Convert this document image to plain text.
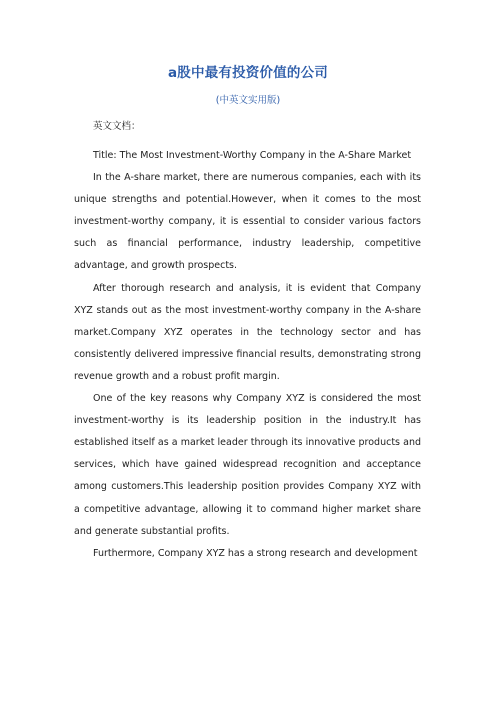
a股中最有投资价值的公司
(中英文实用版)
英文文档：

Title: The Most Investment-Worthy Company in the A-Share Market

In the A-share market, there are numerous companies, each with its unique strengths and potential.However, when it comes to the most investment-worthy company, it is essential to consider various factors such as financial performance, industry leadership, competitive advantage, and growth prospects.

After thorough research and analysis, it is evident that Company XYZ stands out as the most investment-worthy company in the A-share market.Company XYZ operates in the technology sector and has consistently delivered impressive financial results, demonstrating strong revenue growth and a robust profit margin.

One of the key reasons why Company XYZ is considered the most investment-worthy is its leadership position in the industry.It has established itself as a market leader through its innovative products and services, which have gained widespread recognition and acceptance among customers.This leadership position provides Company XYZ with a competitive advantage, allowing it to command higher market share and generate substantial profits.

Furthermore, Company XYZ has a strong research and development
